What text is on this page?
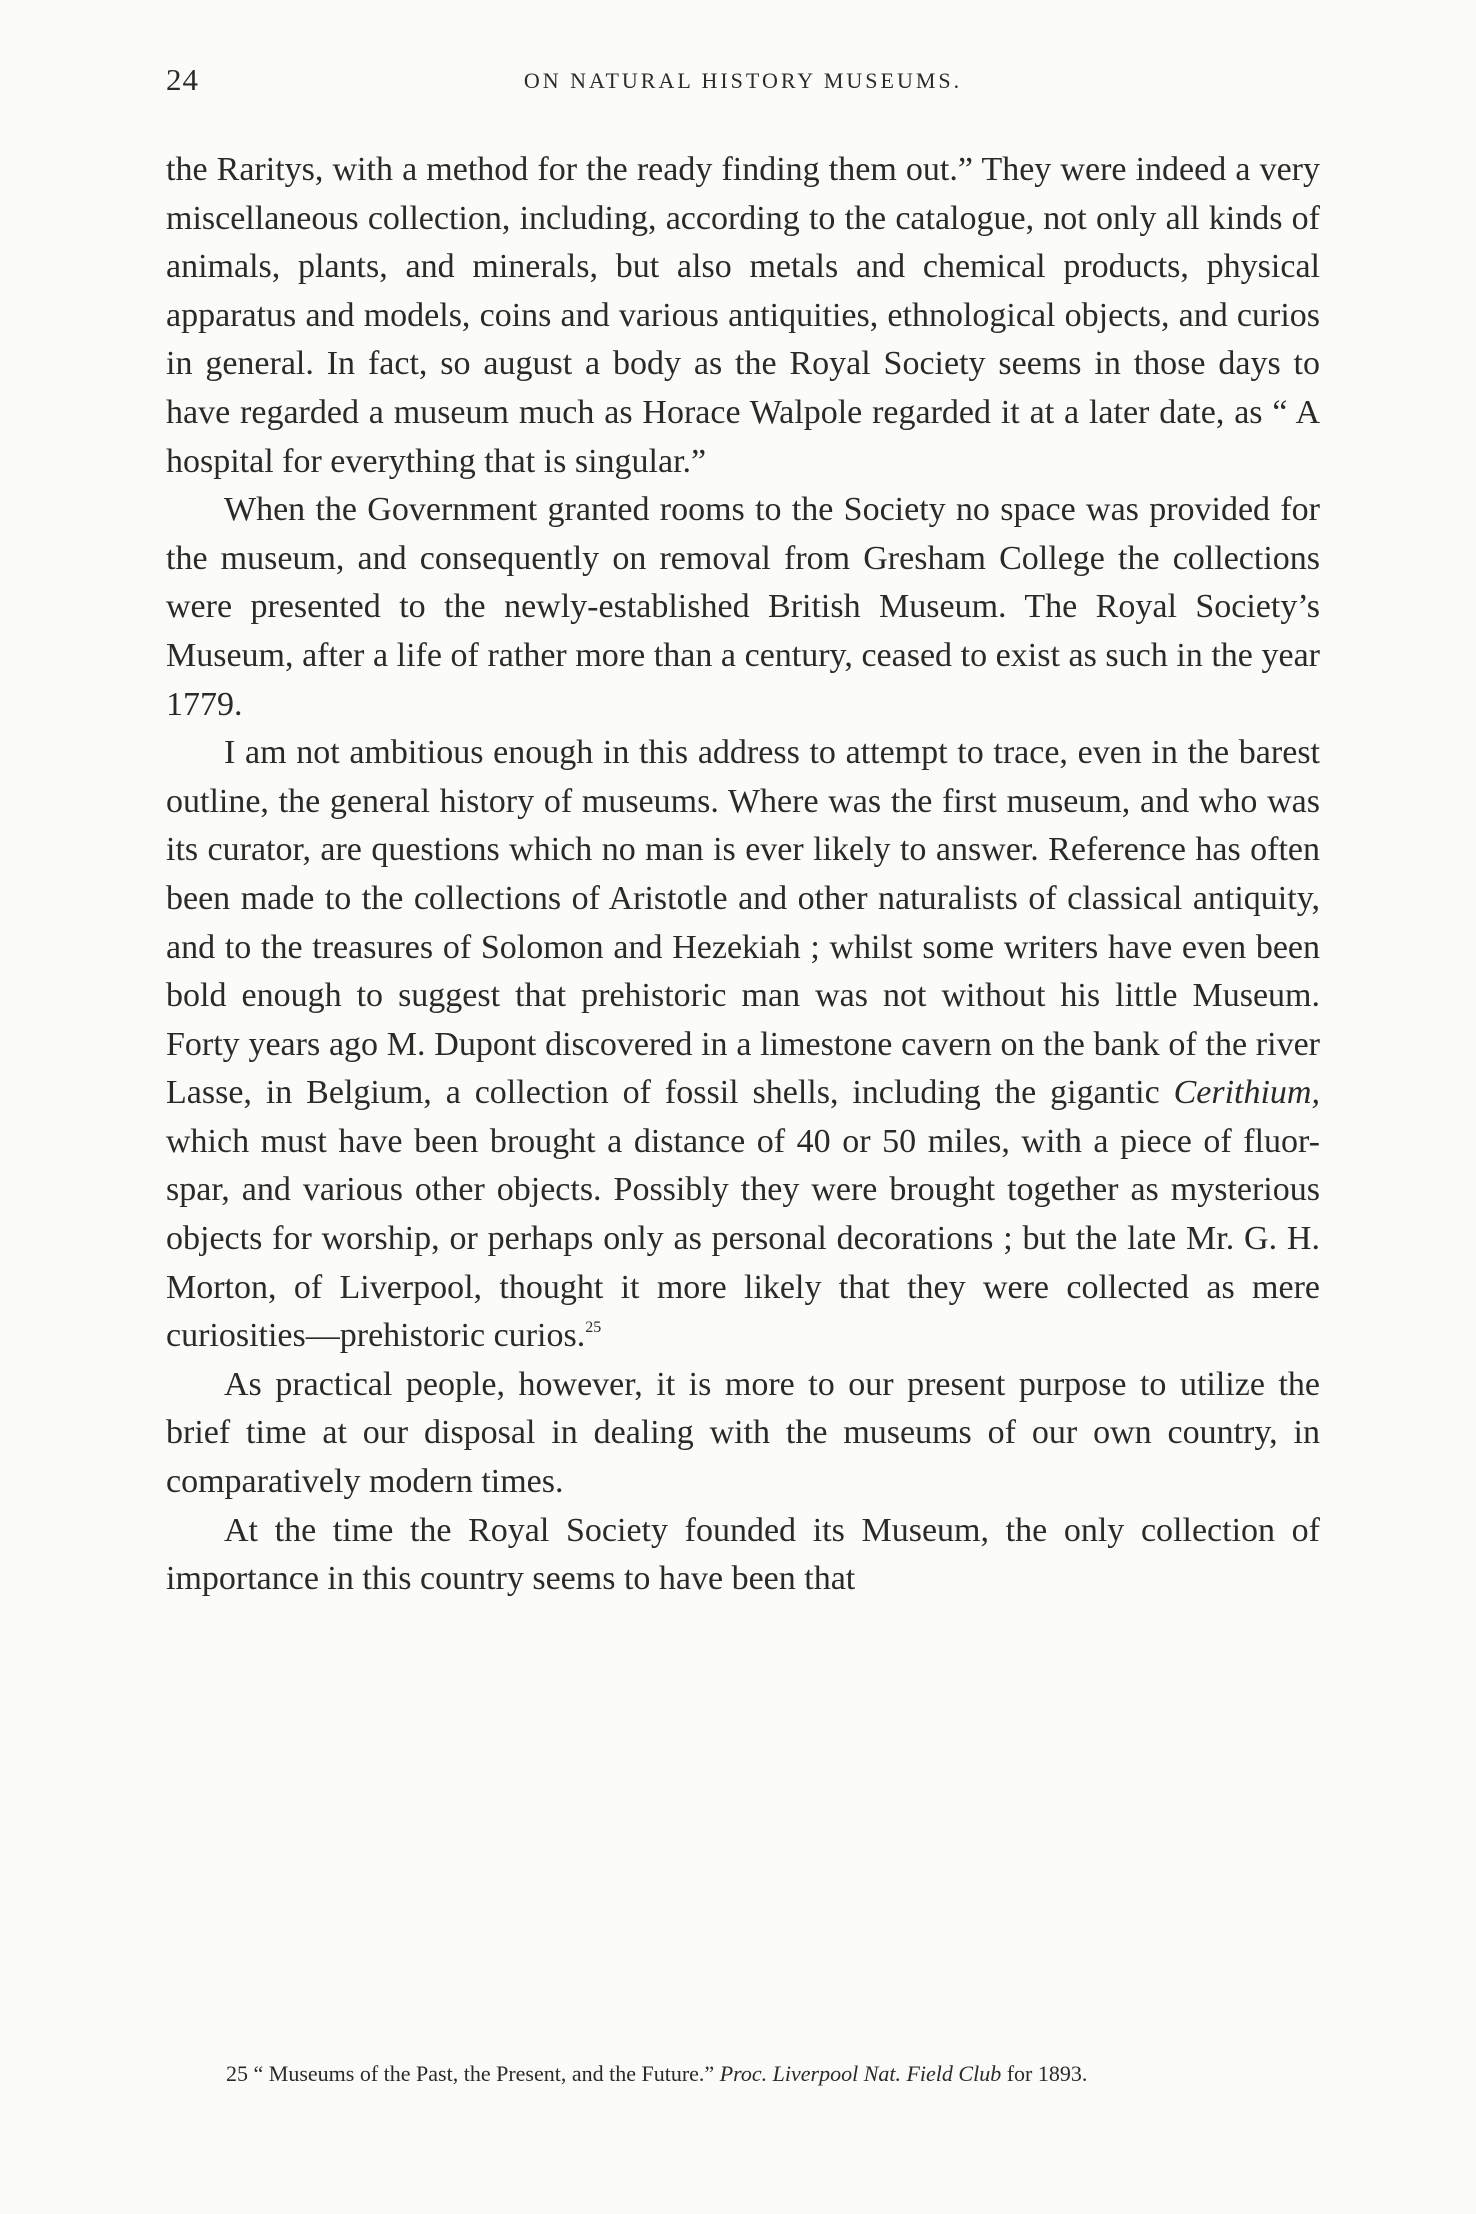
24	ON NATURAL HISTORY MUSEUMS.

the Raritys, with a method for the ready finding them out.” They were indeed a very miscellaneous collection, including, according to the catalogue, not only all kinds of animals, plants, and minerals, but also metals and chemical products, physical apparatus and models, coins and various antiquities, ethnological objects, and curios in general. In fact, so august a body as the Royal Society seems in those days to have regarded a museum much as Horace Walpole regarded it at a later date, as “ A hospital for everything that is singular.”

When the Government granted rooms to the Society no space was provided for the museum, and consequently on removal from Gresham College the collections were presented to the newly-established British Museum. The Royal Society’s Museum, after a life of rather more than a century, ceased to exist as such in the year 1779.

I am not ambitious enough in this address to attempt to trace, even in the barest outline, the general history of museums. Where was the first museum, and who was its curator, are questions which no man is ever likely to answer. Reference has often been made to the collections of Aristotle and other naturalists of classical antiquity, and to the treasures of Solomon and Hezekiah ; whilst some writers have even been bold enough to suggest that prehistoric man was not without his little Museum. Forty years ago M. Dupont discovered in a limestone cavern on the bank of the river Lasse, in Belgium, a collection of fossil shells, including the gigantic Cerithium, which must have been brought a distance of 40 or 50 miles, with a piece of fluor-spar, and various other objects. Possibly they were brought together as mysterious objects for worship, or perhaps only as personal decorations ; but the late Mr. G. H. Morton, of Liverpool, thought it more likely that they were collected as mere curiosities—prehistoric curios.$^{25}$

As practical people, however, it is more to our present purpose to utilize the brief time at our disposal in dealing with the museums of our own country, in comparatively modern times.

At the time the Royal Society founded its Museum, the only collection of importance in this country seems to have been that

25 “ Museums of the Past, the Present, and the Future.” Proc. Liverpool Nat. Field Club for 1893.
